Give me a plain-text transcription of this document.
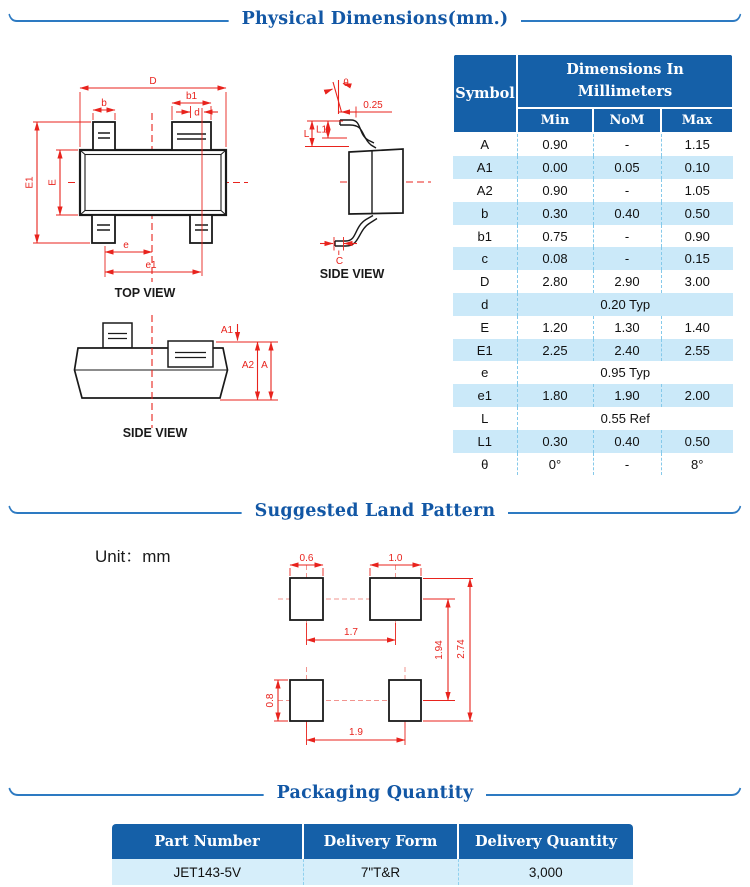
Physical Dimensions(mm.)
D
b
b1
d
E1 E
e
e1
TOP VIEW
θ
0.25
L L1
C
SIDE VIEW
A1
A2 A
SIDE VIEW
Symbol	Dimensions In Millimeters		
	Min	NoM	Max
A	0.90	-	1.15
A1	0.00	0.05	0.10
A2	0.90	-	1.05
b	0.30	0.40	0.50
b1	0.75	-	0.90
c	0.08	-	0.15
D	2.80	2.90	3.00
d	0.20 Typ		
E	1.20	1.30	1.40
E1	2.25	2.40	2.55
e	0.95 Typ		
e1	1.80	1.90	2.00
L	0.55 Ref		
L1	0.30	0.40	0.50
θ	0°	-	8°
Suggested Land Pattern
Unit：mm	0.6	1.0
1.7
1.9
0.8
1.94 2.74
Packaging Quantity
Part Number	Delivery Form	Delivery Quantity
JET143-5V	7"T&R	3,000
